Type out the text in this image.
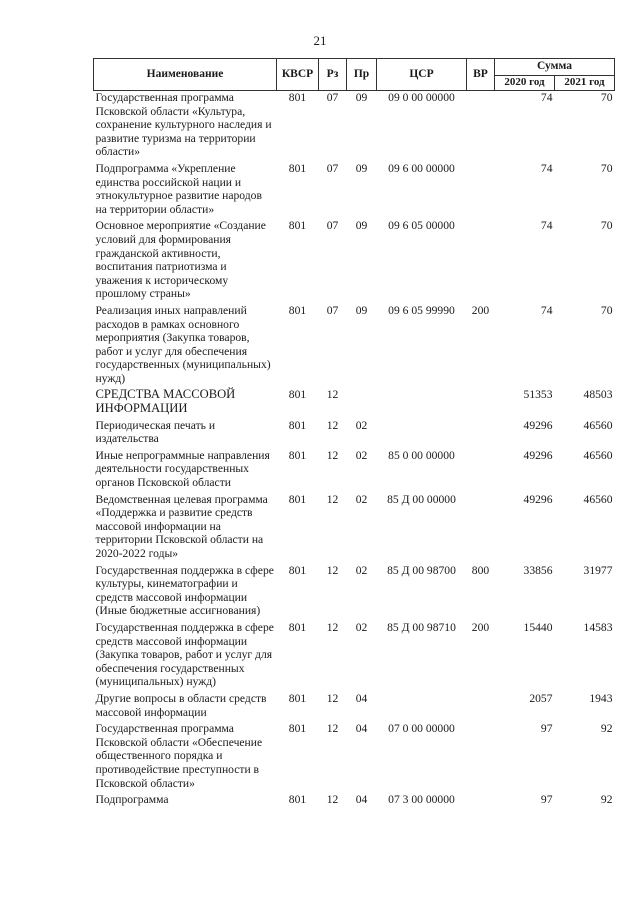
21
Наименование	КВСР	Рз	Пр	ЦСР	ВР	Сумма	
						2020 год	2021 год
Государственная программа Псковской области «Культура, сохранение культурного наследия и развитие туризма на территории области»	801	07	09	09 0 00 00000		74	70
Подпрограмма «Укрепление единства российской нации и этнокультурное развитие народов на территории области»	801	07	09	09 6 00 00000		74	70
Основное мероприятие «Создание условий для формирования гражданской активности, воспитания патриотизма и уважения к историческому прошлому страны»	801	07	09	09 6 05 00000		74	70
Реализация иных направлений расходов в рамках основного мероприятия (Закупка товаров, работ и услуг для обеспечения государственных (муниципальных) нужд)	801	07	09	09 6 05 99990	200	74	70
СРЕДСТВА МАССОВОЙ ИНФОРМАЦИИ	801	12				51353	48503
Периодическая печать и издательства	801	12	02			49296	46560
Иные непрограммные направления деятельности государственных органов Псковской области	801	12	02	85 0 00 00000		49296	46560
Ведомственная целевая программа «Поддержка и развитие средств массовой информации на территории Псковской области на 2020-2022 годы»	801	12	02	85 Д 00 00000		49296	46560
Государственная поддержка в сфере культуры, кинематографии и средств массовой информации (Иные бюджетные ассигнования)	801	12	02	85 Д 00 98700	800	33856	31977
Государственная поддержка в сфере средств массовой информации (Закупка товаров, работ и услуг для обеспечения государственных (муниципальных) нужд)	801	12	02	85 Д 00 98710	200	15440	14583
Другие вопросы в области средств массовой информации	801	12	04			2057	1943
Государственная программа Псковской области «Обеспечение общественного порядка и противодействие преступности в Псковской области»	801	12	04	07 0 00 00000		97	92
Подпрограмма	801	12	04	07 3 00 00000		97	92
